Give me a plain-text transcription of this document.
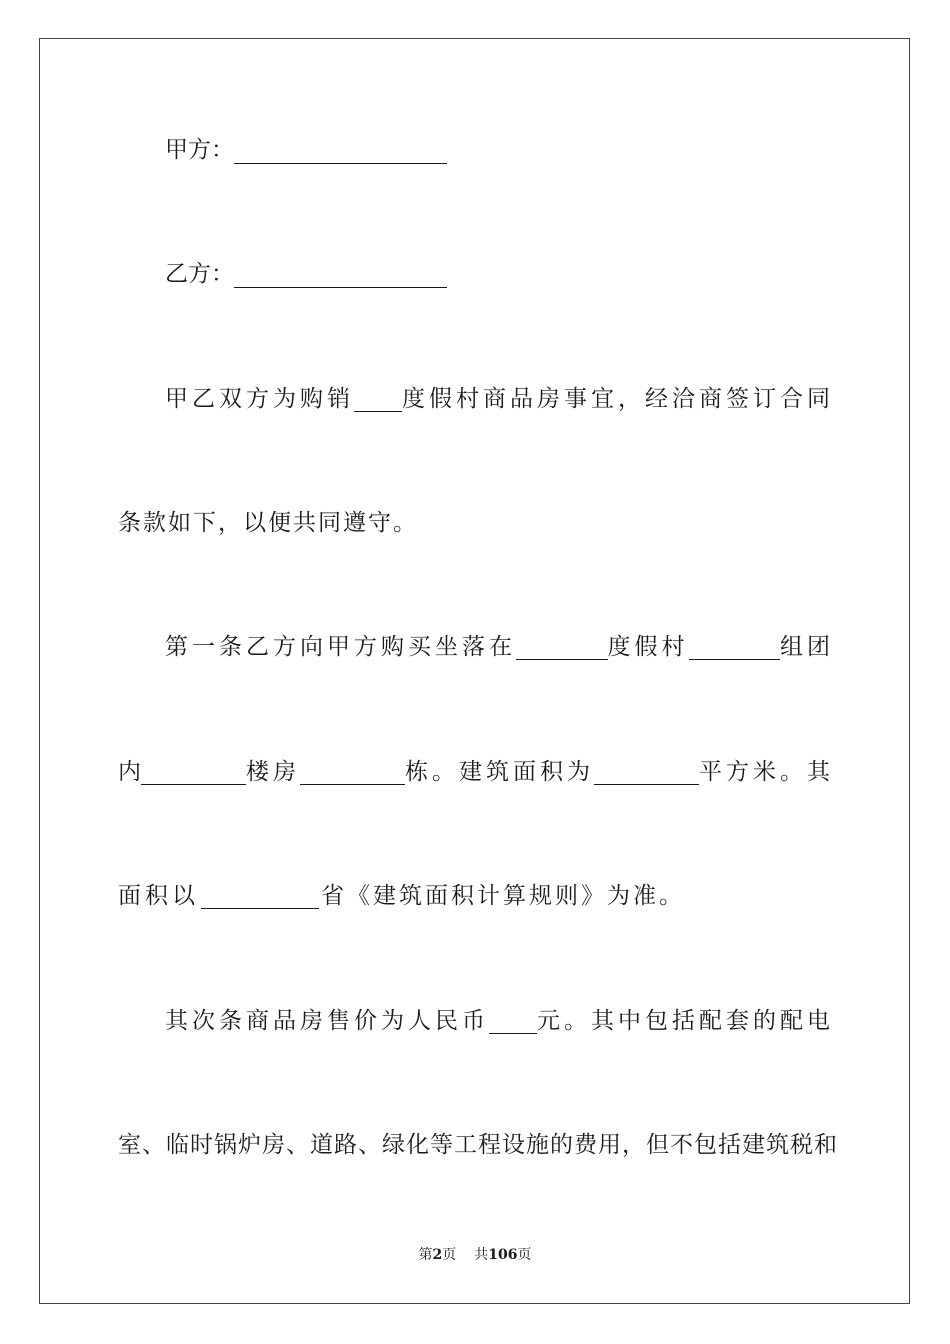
甲方：
乙方：
甲乙双方为购销 度假村商品房事宜，经洽商签订合同
条款如下，以便共同遵守。
第一条乙方向甲方购买坐落在	度假村	组团
内	楼房	栋。建筑面积为	平方米。其
面积以	省《建筑面积计算规则》为准。
其次条商品房售价为人民币 元。其中包括配套的配电
室、临时锅炉房、道路、绿化等工程设施的费用，但不包括建筑税和
第2页 共106页
